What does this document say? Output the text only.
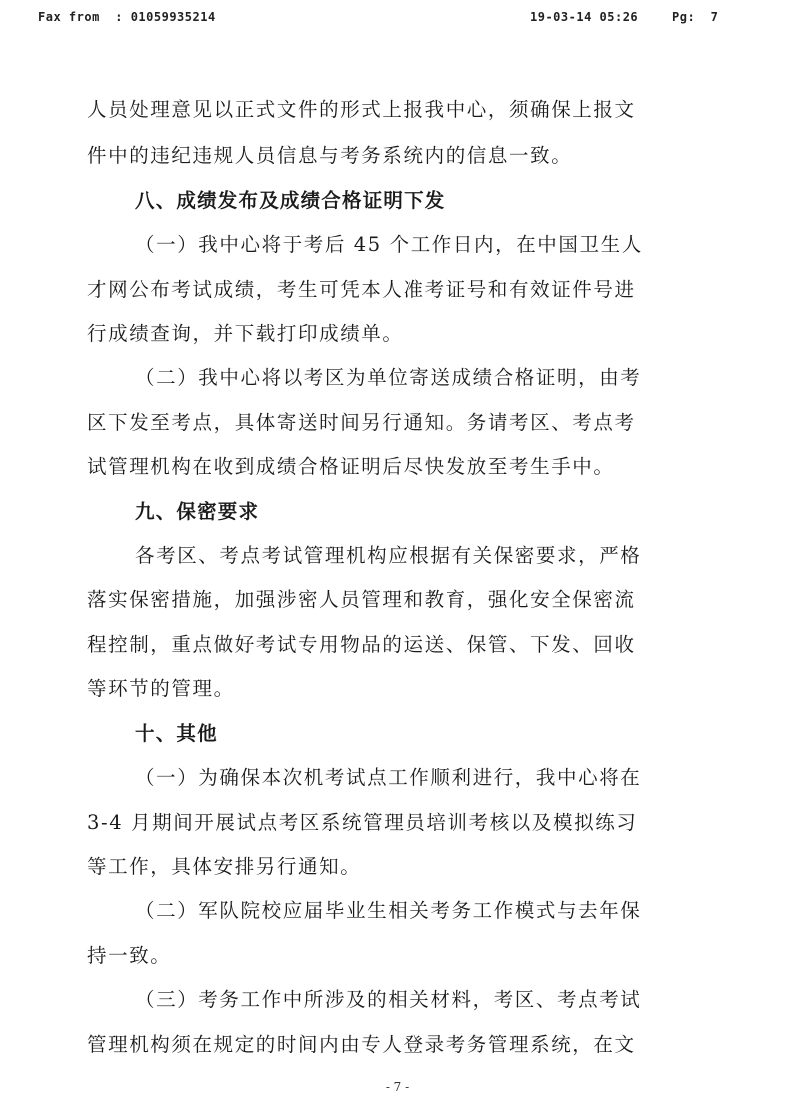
Fax from  : 01059935214	19-03-14 05:26	Pg:  7
人员处理意见以正式文件的形式上报我中心，须确保上报文
件中的违纪违规人员信息与考务系统内的信息一致。
八、成绩发布及成绩合格证明下发
（一）我中心将于考后 45 个工作日内，在中国卫生人
才网公布考试成绩，考生可凭本人准考证号和有效证件号进
行成绩查询，并下载打印成绩单。
（二）我中心将以考区为单位寄送成绩合格证明，由考
区下发至考点，具体寄送时间另行通知。务请考区、考点考
试管理机构在收到成绩合格证明后尽快发放至考生手中。
九、保密要求
各考区、考点考试管理机构应根据有关保密要求，严格
落实保密措施，加强涉密人员管理和教育，强化安全保密流
程控制，重点做好考试专用物品的运送、保管、下发、回收
等环节的管理。
十、其他
（一）为确保本次机考试点工作顺利进行，我中心将在
3-4 月期间开展试点考区系统管理员培训考核以及模拟练习
等工作，具体安排另行通知。
（二）军队院校应届毕业生相关考务工作模式与去年保
持一致。
（三）考务工作中所涉及的相关材料，考区、考点考试
管理机构须在规定的时间内由专人登录考务管理系统，在文
- 7 -
